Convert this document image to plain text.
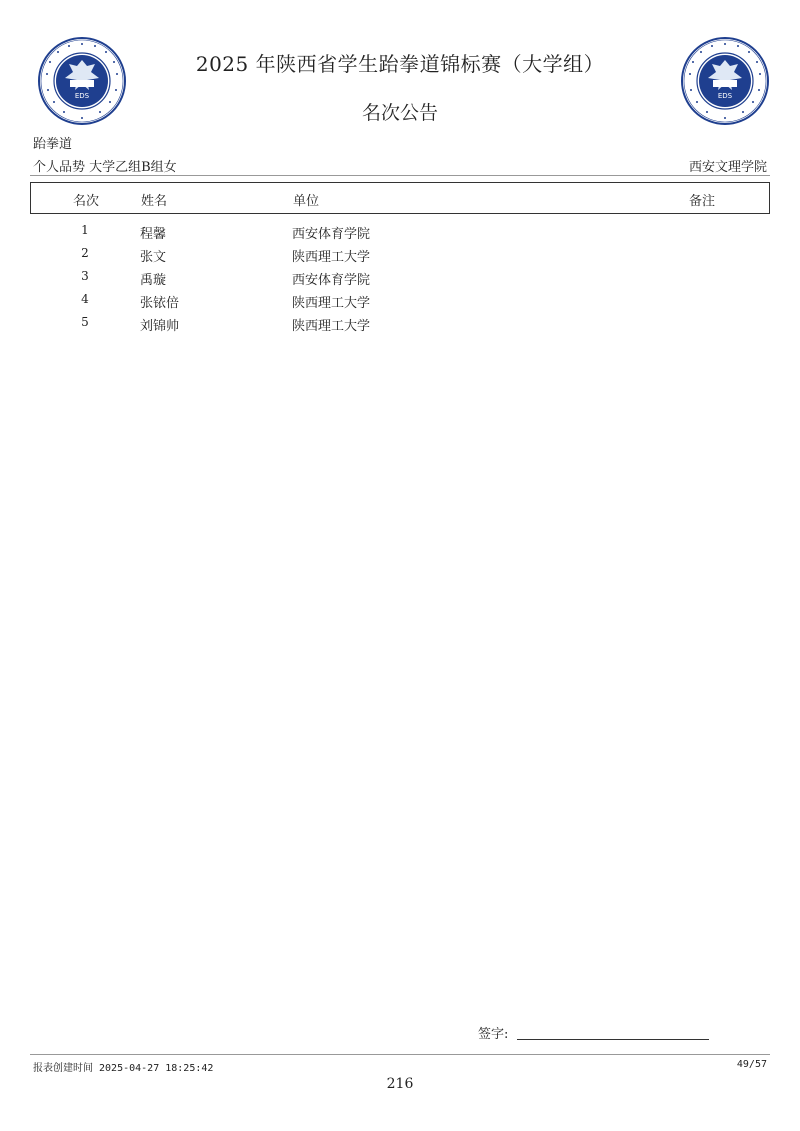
EDS	EDS
2025 年陕西省学生跆拳道锦标赛（大学组）
名次公告
跆拳道
个人品势 大学乙组B组女	西安文理学院
名次	姓名	单位	备注
1	程馨	西安体育学院
2	张文	陕西理工大学
3	禹璇	西安体育学院
4	张铱倍	陕西理工大学
5	刘锦帅	陕西理工大学
签字:
报表创建时间 2025-04-27 18:25:42	49/57
216
